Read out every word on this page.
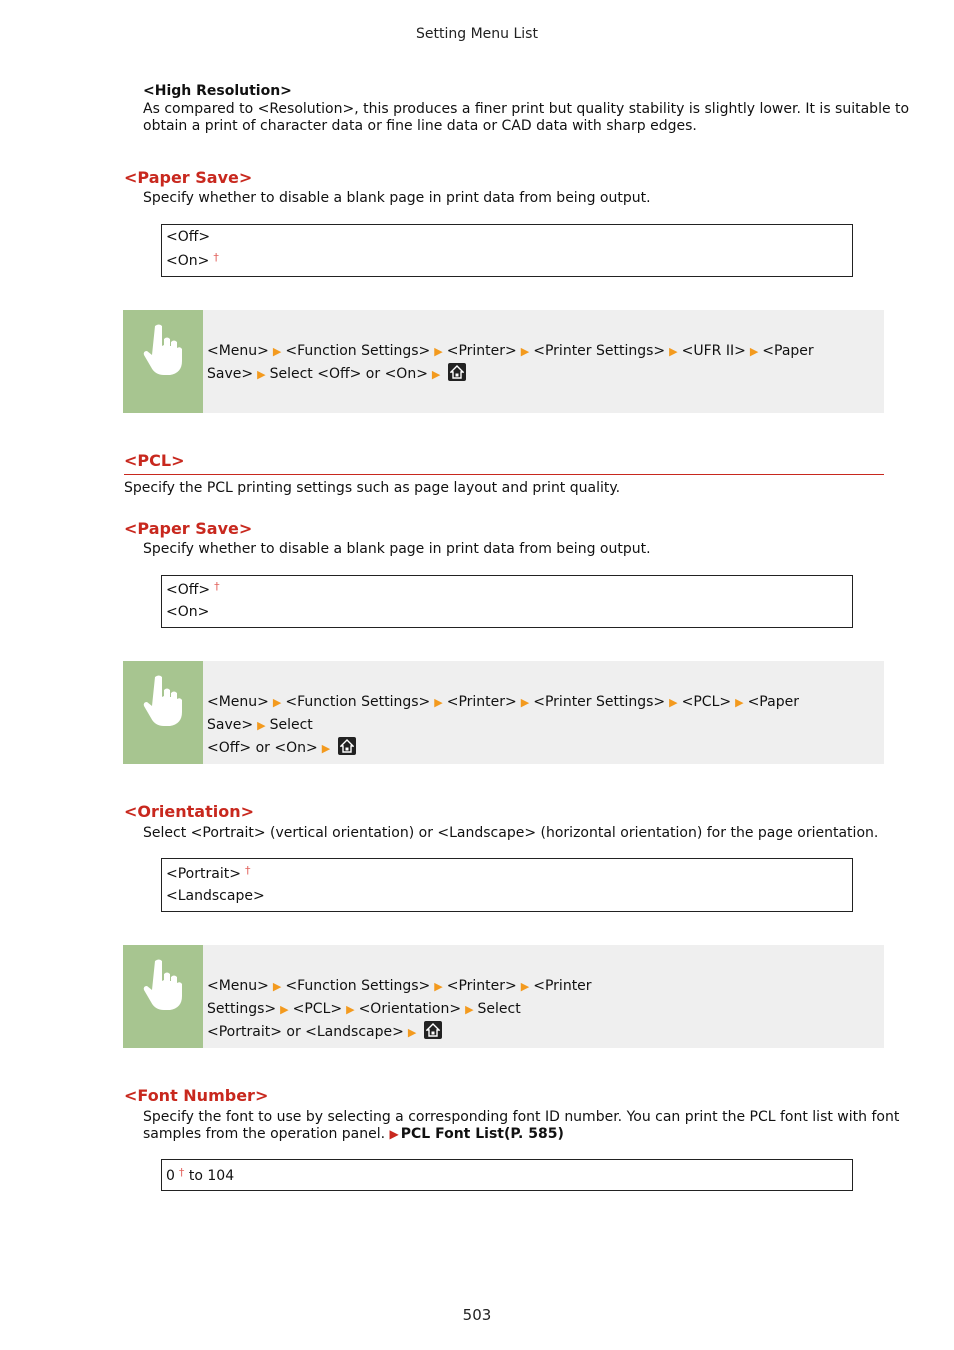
Setting Menu List
<High Resolution>
As compared to <Resolution>, this produces a finer print but quality stability is slightly lower. It is suitable to
obtain a print of character data or fine line data or CAD data with sharp edges.
<Paper Save>
Specify whether to disable a blank page in print data from being output.
<Off>
<On> †
<Menu> ▶ <Function Settings> ▶ <Printer> ▶ <Printer Settings> ▶ <UFR II> ▶ <Paper
Save> ▶ Select <Off> or <On> ▶
<PCL>
Specify the PCL printing settings such as page layout and print quality.
<Paper Save>
Specify whether to disable a blank page in print data from being output.
<Off> †
<On>
<Menu> ▶ <Function Settings> ▶ <Printer> ▶ <Printer Settings> ▶ <PCL> ▶ <Paper Save> ▶ Select
<Off> or <On> ▶
<Orientation>
Select <Portrait> (vertical orientation) or <Landscape> (horizontal orientation) for the page orientation.
<Portrait> †
<Landscape>
<Menu> ▶ <Function Settings> ▶ <Printer> ▶ <Printer Settings> ▶ <PCL> ▶ <Orientation> ▶ Select
<Portrait> or <Landscape> ▶
<Font Number>
Specify the font to use by selecting a corresponding font ID number. You can print the PCL font list with font
samples from the operation panel. ▶ PCL Font List(P. 585)
0 † to 104
503
